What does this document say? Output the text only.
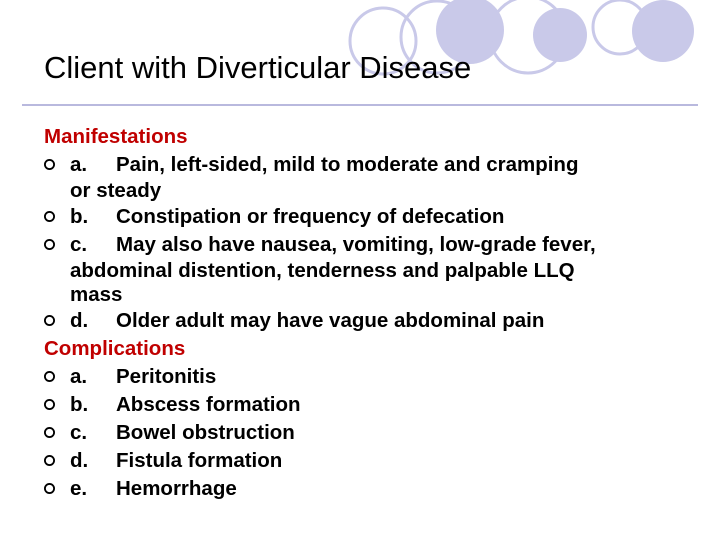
Client with Diverticular Disease
Manifestations
a. Pain, left-sided, mild to moderate and cramping
or steady
b. Constipation or frequency of defecation
c. May also have nausea, vomiting, low-grade fever,
abdominal distention, tenderness and palpable LLQ
mass
d. Older adult may have vague abdominal pain
Complications
a. Peritonitis
b. Abscess formation
c. Bowel obstruction
d. Fistula formation
e. Hemorrhage
